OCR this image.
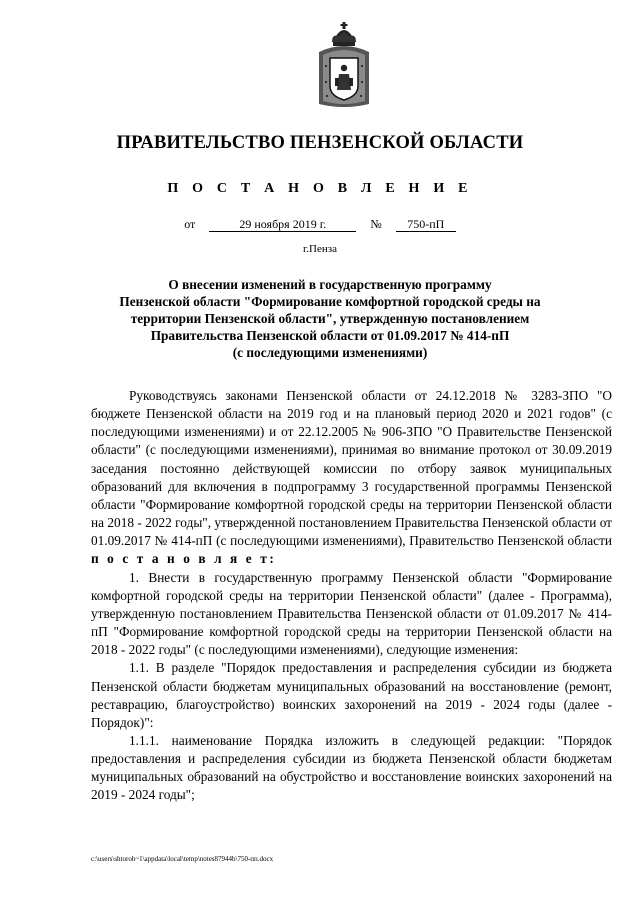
ПРАВИТЕЛЬСТВО ПЕНЗЕНСКОЙ ОБЛАСТИ
П О С Т А Н О В Л Е Н И Е
от	29 ноября 2019 г.	№ 750-пП
г.Пенза
О внесении изменений в государственную программу
Пензенской области "Формирование комфортной городской среды на
территории Пензенской области", утвержденную постановлением
Правительства Пензенской области от 01.09.2017 № 414-пП
(с последующими изменениями)

Руководствуясь законами Пензенской области от 24.12.2018 № 3283-ЗПО "О бюджете Пензенской области на 2019 год и на плановый период 2020 и 2021 годов" (с последующими изменениями) и от 22.12.2005 № 906-ЗПО "О Правительстве Пензенской области" (с последующими изменениями), принимая во внимание протокол от 30.09.2019 заседания постоянно действующей комиссии по отбору заявок муниципальных образований для включения в подпрограмму 3 государственной программы Пензенской области "Формирование комфортной городской среды на территории Пензенской области на 2018 - 2022 годы", утвержденной постановлением Правительства Пензенской области от 01.09.2017 № 414-пП (с последующими изменениями), Правительство Пензенской области п о с т а н о в л я е т:

1. Внести в государственную программу Пензенской области "Формирование комфортной городской среды на территории Пензенской области" (далее - Программа), утвержденную постановлением Правительства Пензенской области от 01.09.2017 № 414-пП "Формирование комфортной городской среды на территории Пензенской области на 2018 - 2022 годы" (с последующими изменениями), следующие изменения:

1.1. В разделе "Порядок предоставления и распределения субсидии из бюджета Пензенской области бюджетам муниципальных образований на восстановление (ремонт, реставрацию, благоустройство) воинских захоронений на 2019 - 2024 годы (далее - Порядок)":

1.1.1. наименование Порядка изложить в следующей редакции: "Порядок предоставления и распределения субсидии из бюджета Пензенской области бюджетам муниципальных образований на обустройство и восстановление воинских захоронений на 2019 - 2024 годы";

c:\users\shtoroh~1\appdata\local\temp\notes87944b\750-пп.docx
